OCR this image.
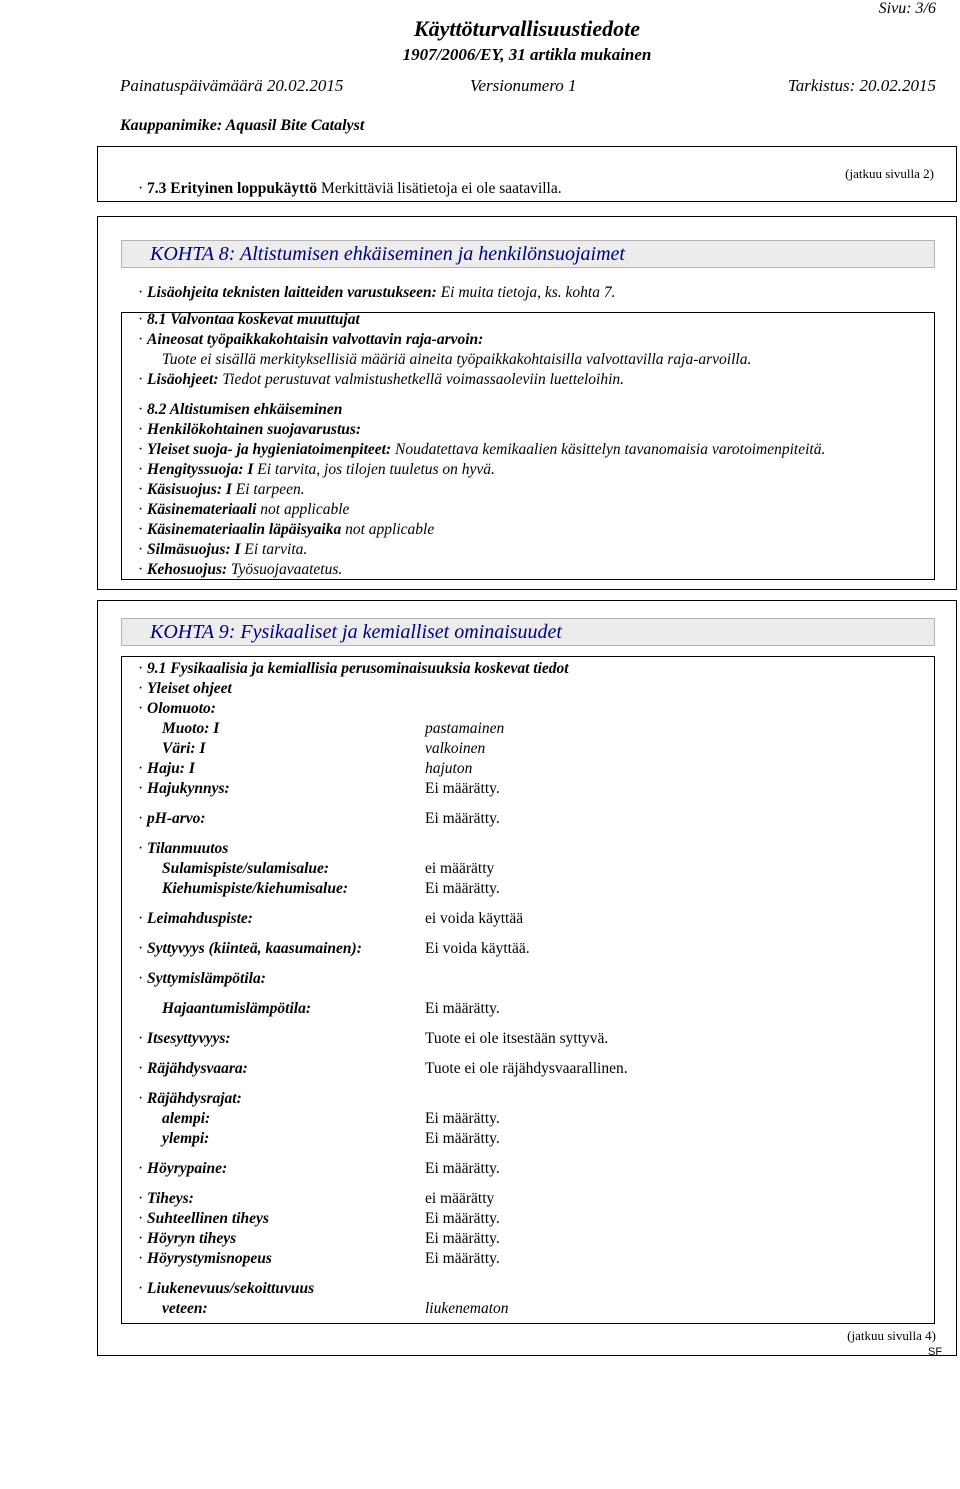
Sivu: 3/6
Käyttöturvallisuustiedote
1907/2006/EY, 31 artikla mukainen
Painatuspäivämäärä 20.02.2015	Versionumero 1	Tarkistus: 20.02.2015
Kauppanimike: Aquasil Bite Catalyst
(jatkuu sivulla 2)
· 7.3 Erityinen loppukäyttö Merkittäviä lisätietoja ei ole saatavilla.
KOHTA 8: Altistumisen ehkäiseminen ja henkilönsuojaimet
· Lisäohjeita teknisten laitteiden varustukseen: Ei muita tietoja, ks. kohta 7.
· 8.1 Valvontaa koskevat muuttujat
· Aineosat työpaikkakohtaisin valvottavin raja-arvoin:
Tuote ei sisällä merkityksellisiä määriä aineita työpaikkakohtaisilla valvottavilla raja-arvoilla.
· Lisäohjeet: Tiedot perustuvat valmistushetkellä voimassaoleviin luetteloihin.
· 8.2 Altistumisen ehkäiseminen
· Henkilökohtainen suojavarustus:
· Yleiset suoja- ja hygieniatoimenpiteet: Noudatettava kemikaalien käsittelyn tavanomaisia varotoimenpiteitä.
· Hengityssuoja: I Ei tarvita, jos tilojen tuuletus on hyvä.
· Käsisuojus: I Ei tarpeen.
· Käsinemateriaali not applicable
· Käsinemateriaalin läpäisyaika not applicable
· Silmäsuojus: I Ei tarvita.
· Kehosuojus: Työsuojavaatetus.
KOHTA 9: Fysikaaliset ja kemialliset ominaisuudet
· 9.1 Fysikaalisia ja kemiallisia perusominaisuuksia koskevat tiedot
· Yleiset ohjeet
· Olomuoto:
Muoto: I	pastamainen
Väri: I	valkoinen
· Haju: I	hajuton
· Hajukynnys:	Ei määrätty.
· pH-arvo:	Ei määrätty.
· Tilanmuutos
Sulamispiste/sulamisalue:	ei määrätty
Kiehumispiste/kiehumisalue:	Ei määrätty.
· Leimahduspiste:	ei voida käyttää
· Syttyvyys (kiinteä, kaasumainen):	Ei voida käyttää.
· Syttymislämpötila:
Hajaantumislämpötila:	Ei määrätty.
· Itsesyttyvyys:	Tuote ei ole itsestään syttyvä.
· Räjähdysvaara:	Tuote ei ole räjähdysvaarallinen.
· Räjähdysrajat:
alempi:	Ei määrätty.
ylempi:	Ei määrätty.
· Höyrypaine:	Ei määrätty.
· Tiheys:	ei määrätty
· Suhteellinen tiheys	Ei määrätty.
· Höyryn tiheys	Ei määrätty.
· Höyrystymisnopeus	Ei määrätty.
· Liukenevuus/sekoittuvuus
veteen:	liukenematon
(jatkuu sivulla 4)
SF
